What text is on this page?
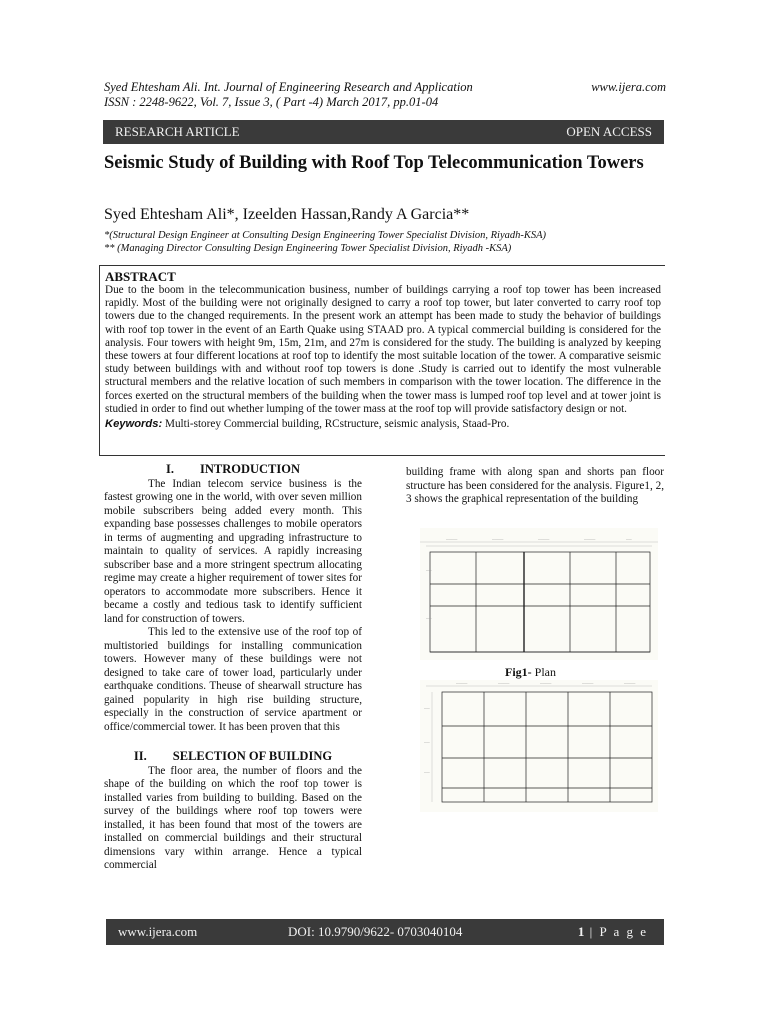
Syed Ehtesham Ali. Int. Journal of Engineering Research and Application	www.ijera.com
ISSN : 2248-9622, Vol. 7, Issue 3, ( Part -4) March 2017, pp.01-04
RESEARCH ARTICLE	OPEN ACCESS
Seismic Study of Building with Roof Top Telecommunication Towers
Syed Ehtesham Ali*, Izeelden Hassan,Randy A Garcia**
*(Structural Design Engineer at Consulting Design Engineering Tower Specialist Division, Riyadh-KSA)
** (Managing Director Consulting Design Engineering Tower Specialist Division, Riyadh -KSA)
ABSTRACT
Due to the boom in the telecommunication business, number of buildings carrying a roof top tower has been increased rapidly. Most of the building were not originally designed to carry a roof top tower, but later converted to carry roof top towers due to the changed requirements. In the present work an attempt has been made to study the behavior of buildings with roof top tower in the event of an Earth Quake using STAAD pro. A typical commercial building is considered for the analysis. Four towers with height 9m, 15m, 21m, and 27m is considered for the study. The building is analyzed by keeping these towers at four different locations at roof top to identify the most suitable location of the tower. A comparative seismic study between buildings with and without roof top towers is done .Study is carried out to identify the most vulnerable structural members and the relative location of such members in comparison with the tower location. The difference in the forces exerted on the structural members of the building when the tower mass is lumped roof top level and at tower joint is studied in order to find out whether lumping of the tower mass at the roof top will provide satisfactory design or not.
Keywords: Multi-storey Commercial building, RCstructure, seismic analysis, Staad-Pro.
I. INTRODUCTION

The Indian telecom service business is the fastest growing one in the world, with over seven million mobile subscribers being added every month. This expanding base possesses challenges to mobile operators in terms of augmenting and upgrading infrastructure to maintain to quality of services. A rapidly increasing subscriber base and a more stringent spectrum allocating regime may create a higher requirement of tower sites for operators to accommodate more subscribers. Hence it became a costly and tedious task to identify sufficient land for construction of towers.

This led to the extensive use of the roof top of multistoried buildings for installing communication towers. However many of these buildings were not designed to take care of tower load, particularly under earthquake conditions. Theuse of shearwall structure has gained popularity in high rise building structure, especially in the construction of service apartment or office/commercial tower. It has been proven that this

II. SELECTION OF BUILDING

The floor area, the number of floors and the shape of the building on which the roof top tower is installed varies from building to building. Based on the survey of the buildings where roof top towers were installed, it has been found that most of the towers are installed on commercial buildings and their structural dimensions vary within arrange. Hence a typical commercial

building frame with along span and shorts pan floor structure has been considered for the analysis. Figure1, 2, 3 shows the graphical representation of the building

────	────	────	────	──
──
──
Fig1- Plan
────	────	────	────	────
──
──
──
www.ijera.com	DOI: 10.9790/9622- 0703040104	1 | P a g e
